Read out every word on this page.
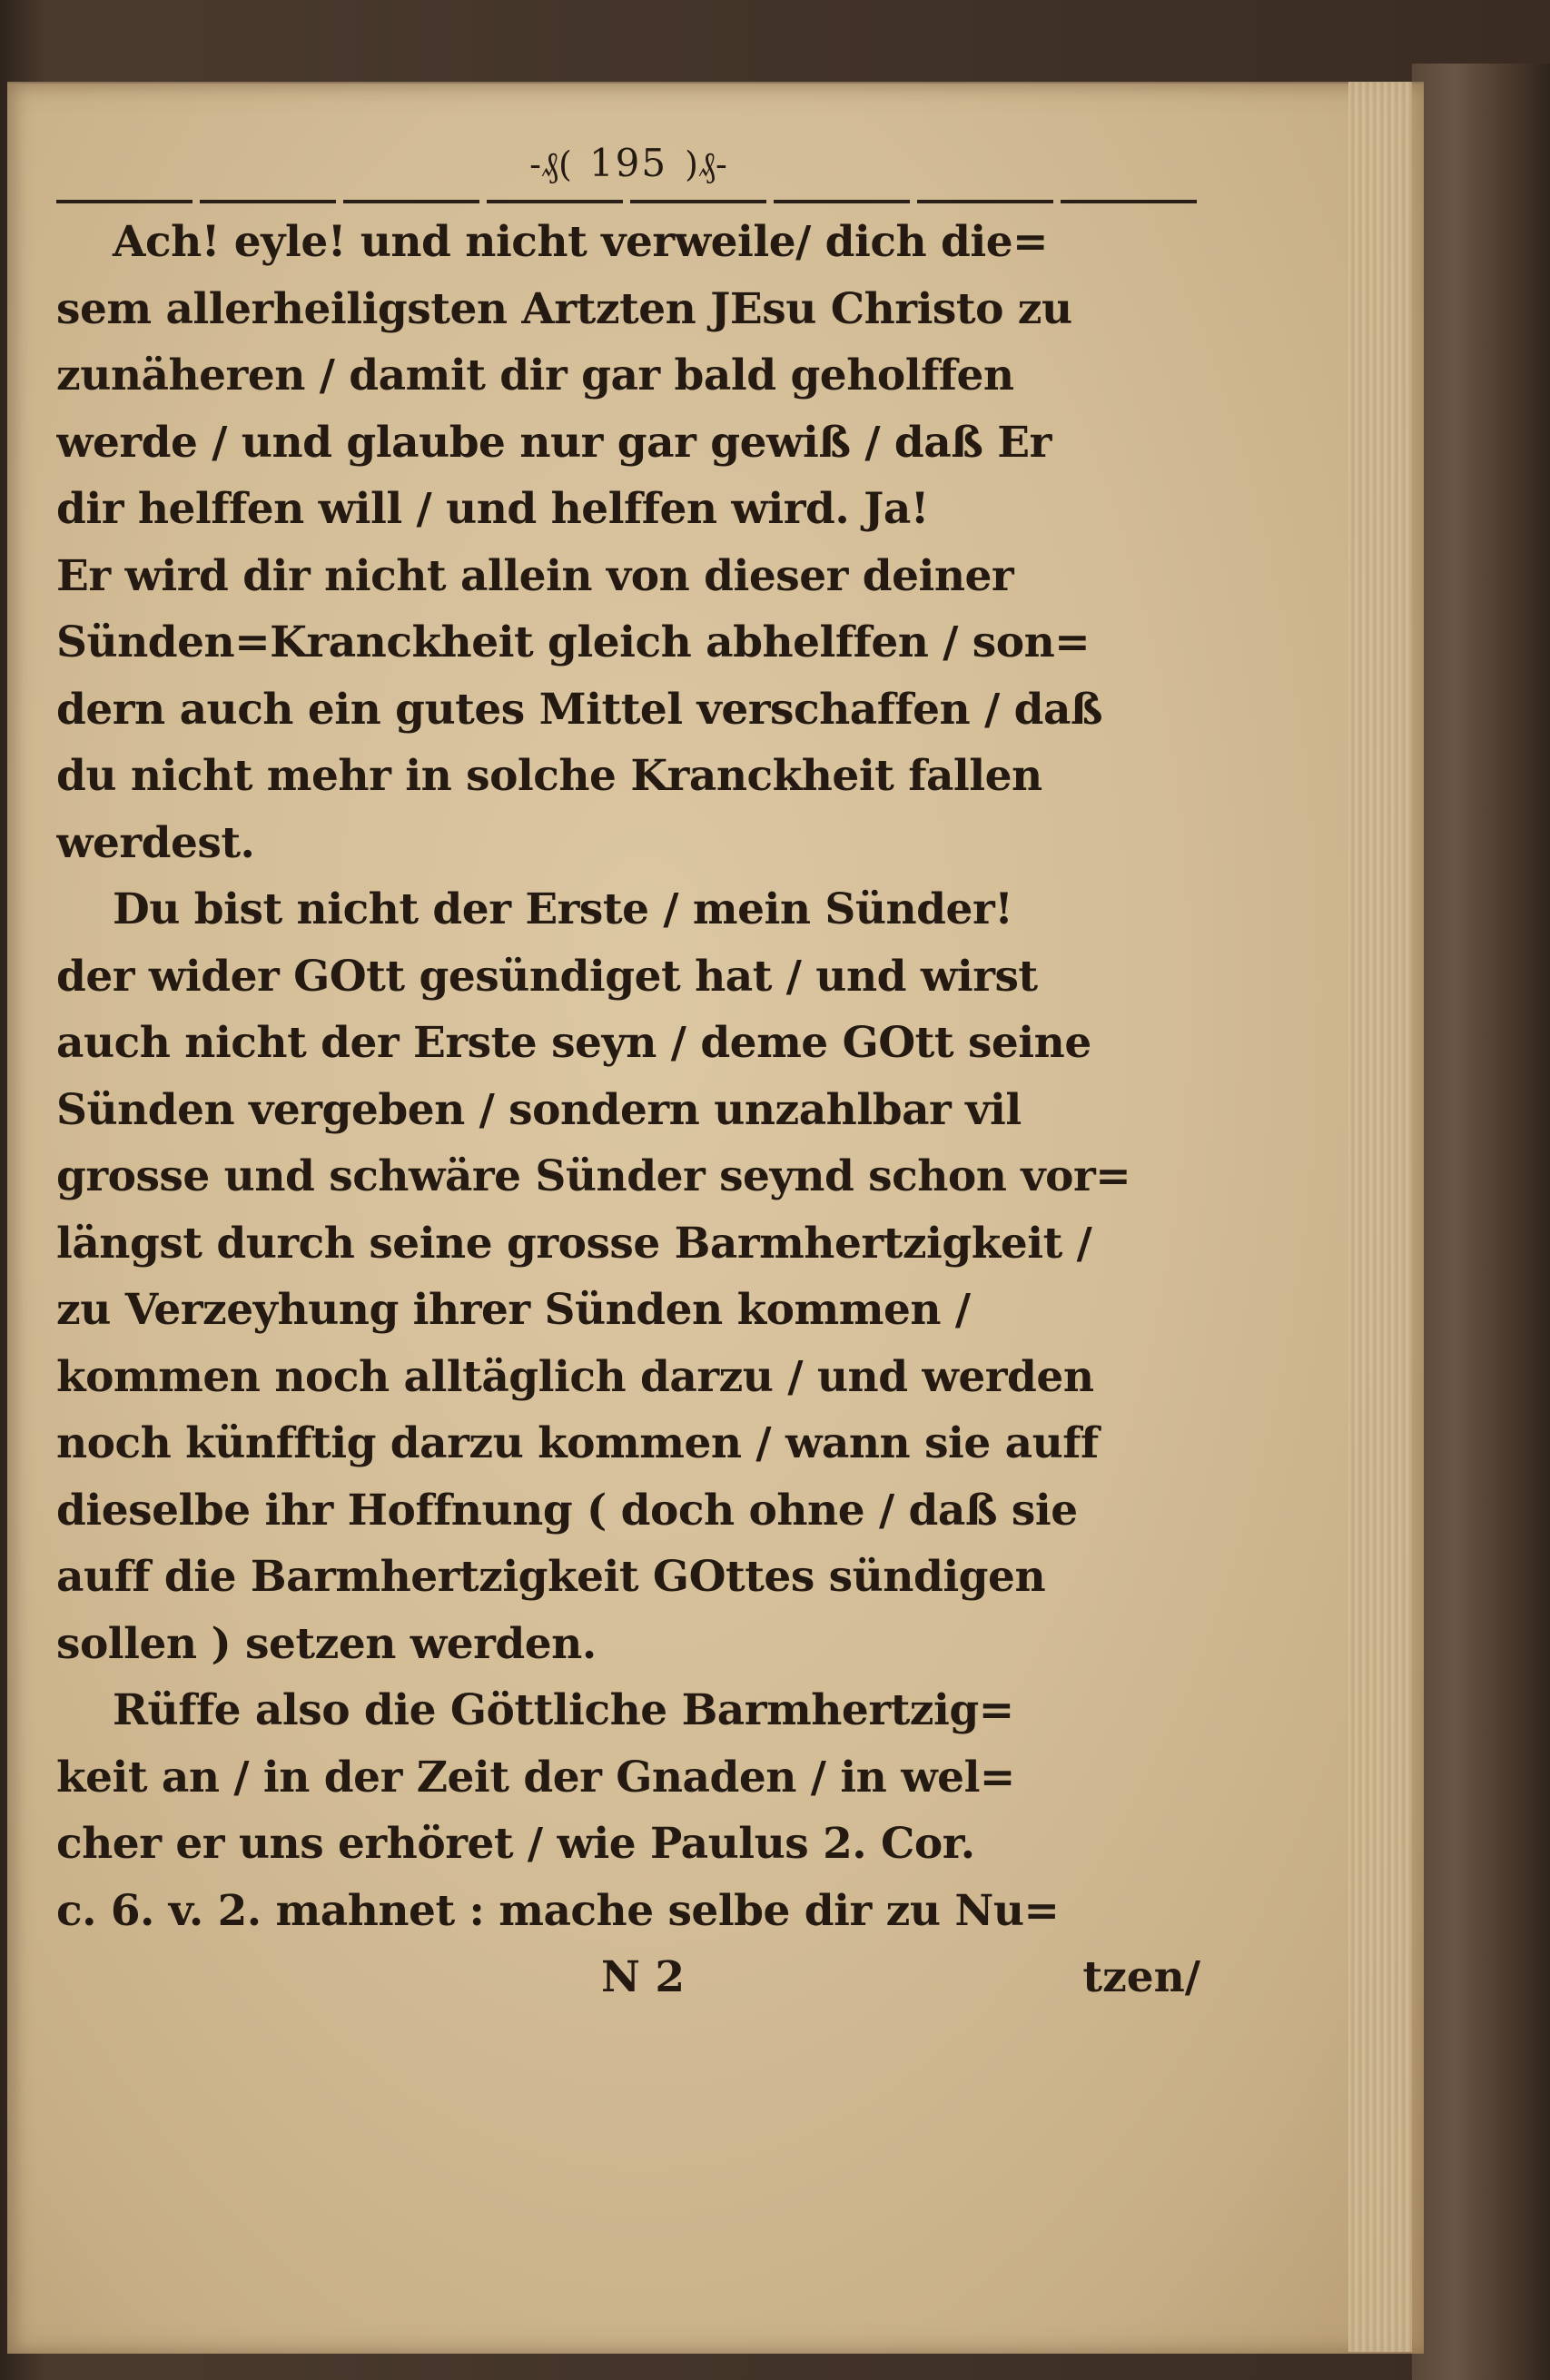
-₰( 195 )₰-
Ach! eyle! und nicht verweile/ dich die=
sem allerheiligsten Artzten JEsu Christo zu
zunäheren / damit dir gar bald geholffen
werde / und glaube nur gar gewiß / daß Er
dir helffen will / und helffen wird. Ja!
Er wird dir nicht allein von dieser deiner
Sünden=Kranckheit gleich abhelffen / son=
dern auch ein gutes Mittel verschaffen / daß
du nicht mehr in solche Kranckheit fallen
werdest.
Du bist nicht der Erste / mein Sünder!
der wider GOtt gesündiget hat / und wirst
auch nicht der Erste seyn / deme GOtt seine
Sünden vergeben / sondern unzahlbar vil
grosse und schwäre Sünder seynd schon vor=
längst durch seine grosse Barmhertzigkeit /
zu Verzeyhung ihrer Sünden kommen /
kommen noch alltäglich darzu / und werden
noch künfftig darzu kommen / wann sie auff
dieselbe ihr Hoffnung ( doch ohne / daß sie
auff die Barmhertzigkeit GOttes sündigen
sollen ) setzen werden.
Rüffe also die Göttliche Barmhertzig=
keit an / in der Zeit der Gnaden / in wel=
cher er uns erhöret / wie Paulus 2. Cor.
c. 6. v. 2. mahnet : mache selbe dir zu Nu=
N 2	tzen/
